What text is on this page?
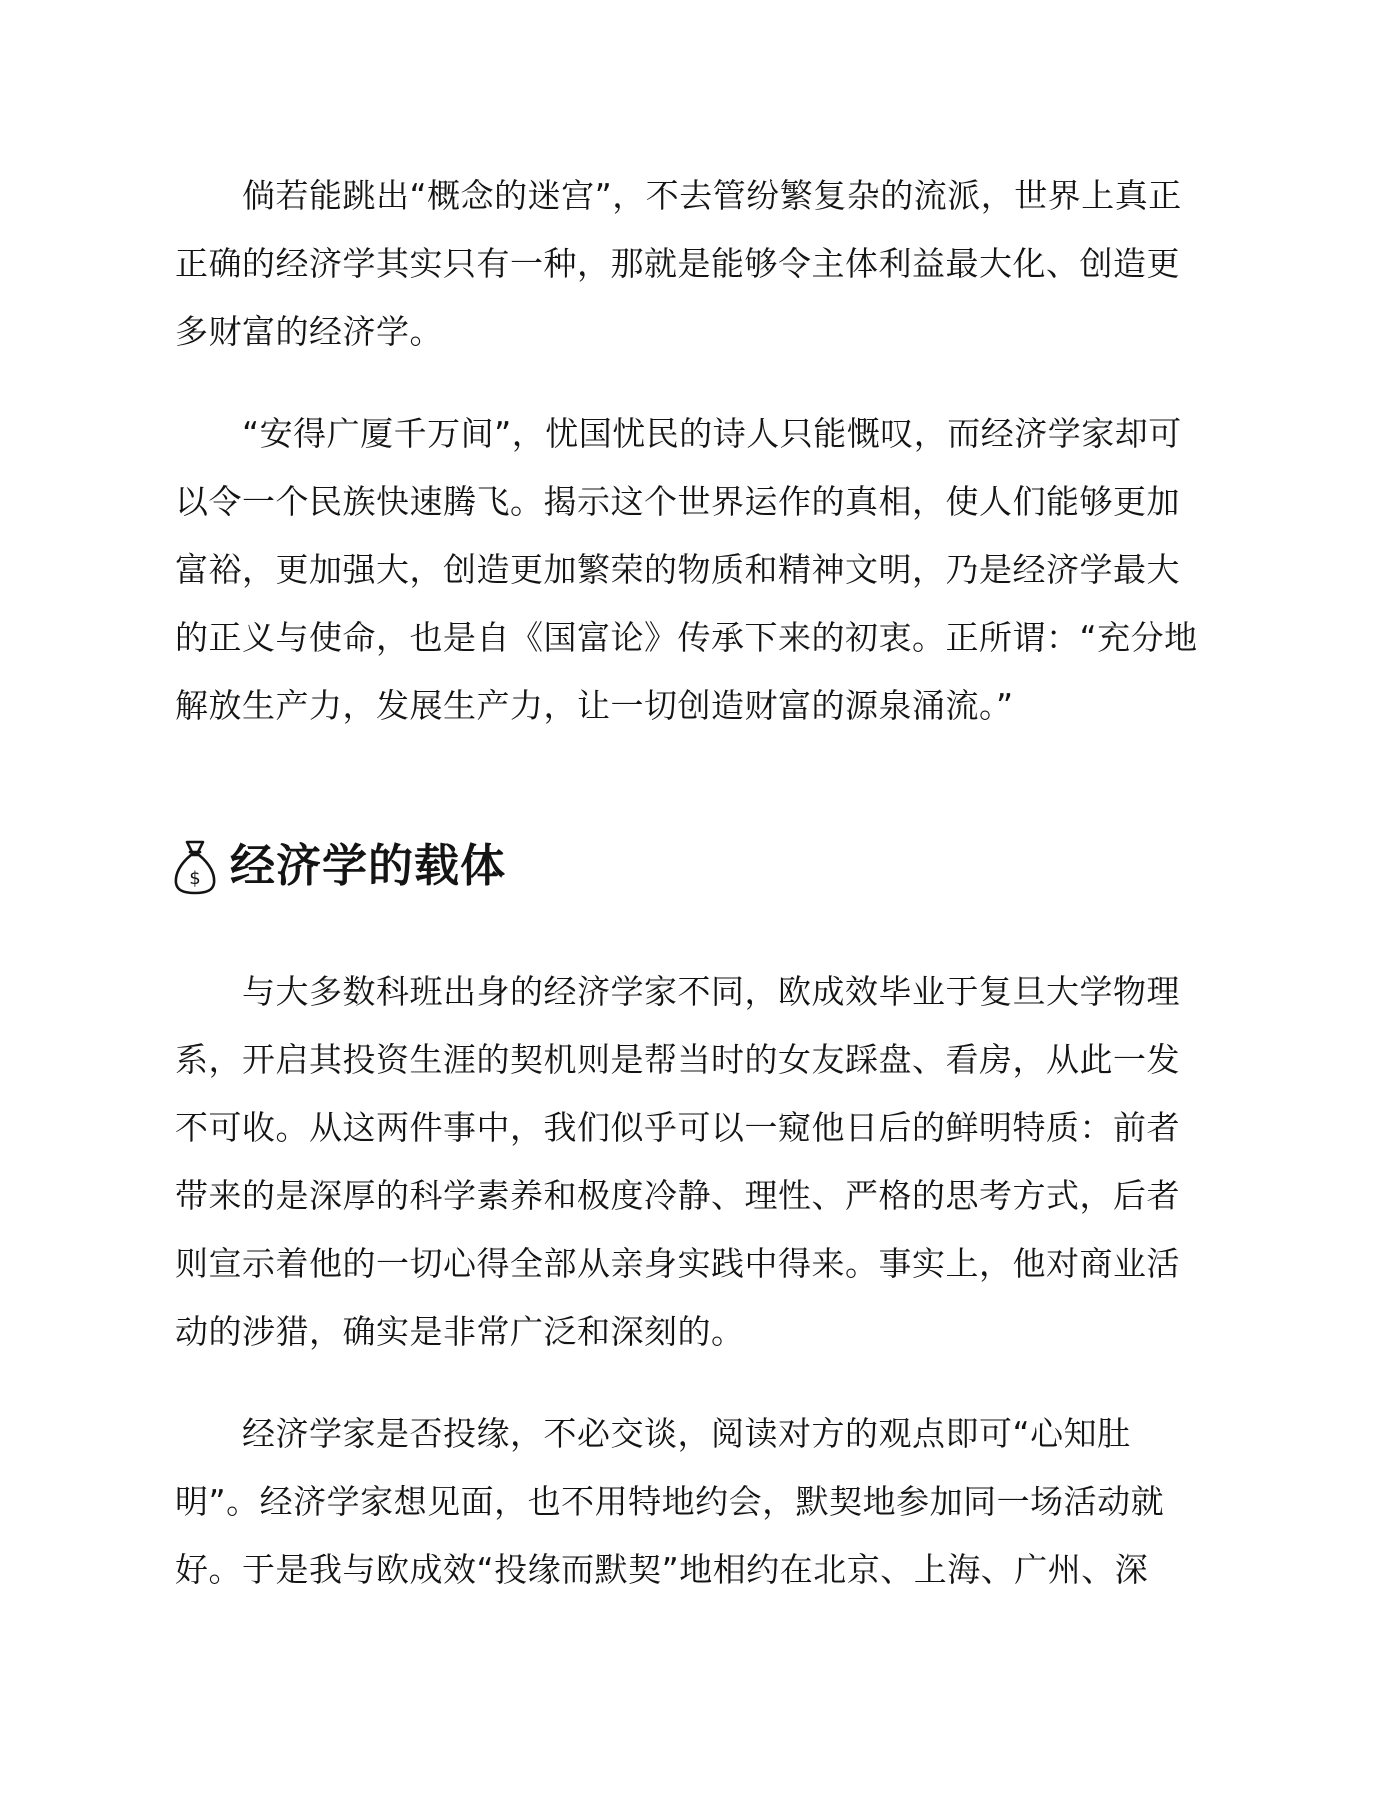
　　倘若能跳出“概念的迷宫”，不去管纷繁复杂的流派，世界上真正
正确的经济学其实只有一种，那就是能够令主体利益最大化、创造更
多财富的经济学。
　　“安得广厦千万间”，忧国忧民的诗人只能慨叹，而经济学家却可
以令一个民族快速腾飞。揭示这个世界运作的真相，使人们能够更加
富裕，更加强大，创造更加繁荣的物质和精神文明，乃是经济学最大
的正义与使命，也是自《国富论》传承下来的初衷。正所谓：“充分地
解放生产力，发展生产力，让一切创造财富的源泉涌流。”
$ 经济学的载体
　　与大多数科班出身的经济学家不同，欧成效毕业于复旦大学物理
系，开启其投资生涯的契机则是帮当时的女友踩盘、看房，从此一发
不可收。从这两件事中，我们似乎可以一窥他日后的鲜明特质：前者
带来的是深厚的科学素养和极度冷静、理性、严格的思考方式，后者
则宣示着他的一切心得全部从亲身实践中得来。事实上，他对商业活
动的涉猎，确实是非常广泛和深刻的。
　　经济学家是否投缘，不必交谈，阅读对方的观点即可“心知肚
明”。经济学家想见面，也不用特地约会，默契地参加同一场活动就
好。于是我与欧成效“投缘而默契”地相约在北京、上海、广州、深
